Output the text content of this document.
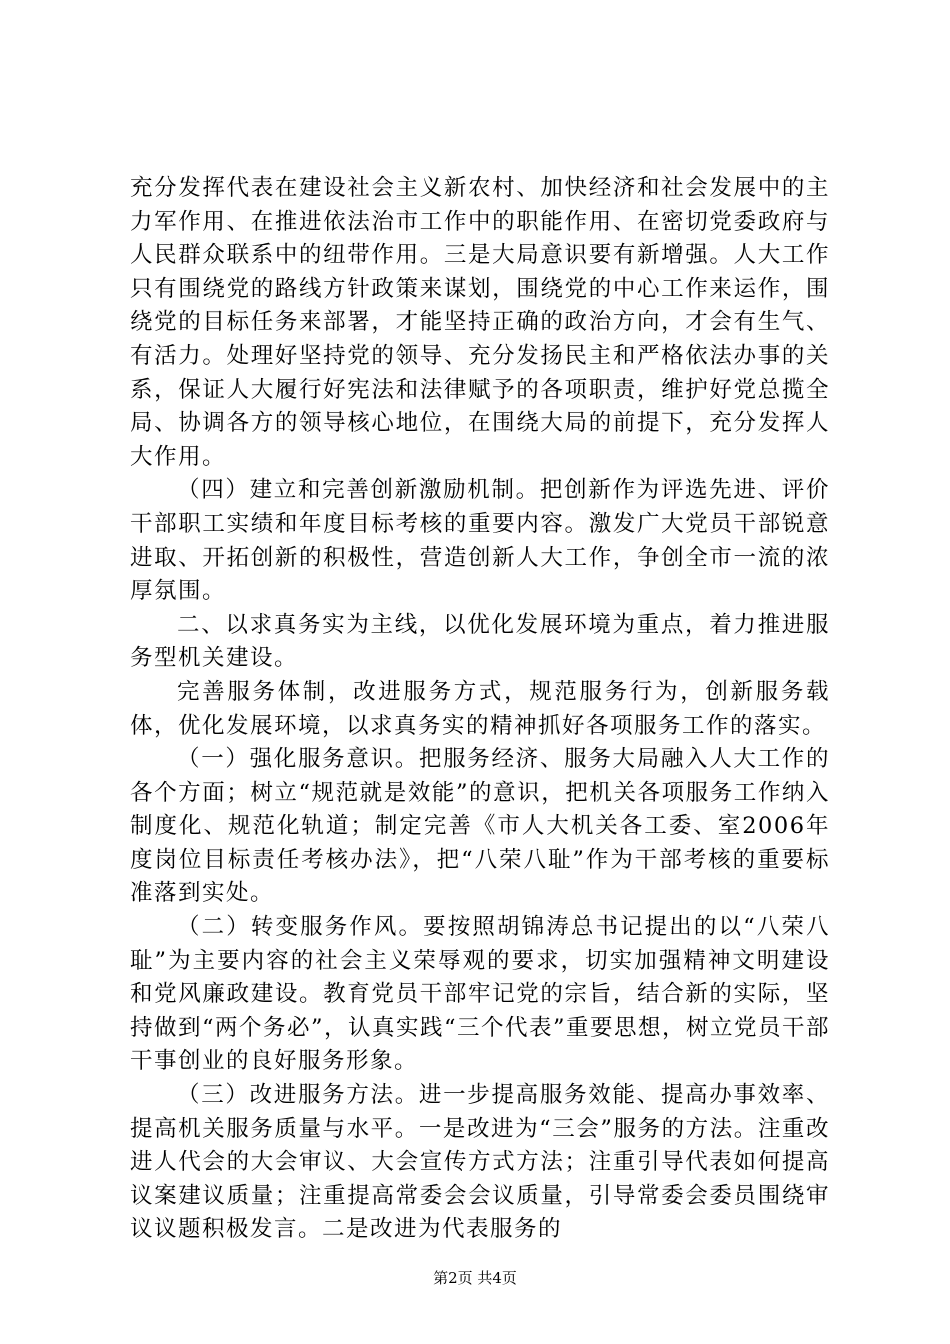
充分发挥代表在建设社会主义新农村、加快经济和社会发展中的主力军作用、在推进依法治市工作中的职能作用、在密切党委政府与人民群众联系中的纽带作用。三是大局意识要有新增强。人大工作只有围绕党的路线方针政策来谋划，围绕党的中心工作来运作，围绕党的目标任务来部署，才能坚持正确的政治方向，才会有生气、有活力。处理好坚持党的领导、充分发扬民主和严格依法办事的关系，保证人大履行好宪法和法律赋予的各项职责，维护好党总揽全局、协调各方的领导核心地位，在围绕大局的前提下，充分发挥人大作用。

（四）建立和完善创新激励机制。把创新作为评选先进、评价干部职工实绩和年度目标考核的重要内容。激发广大党员干部锐意进取、开拓创新的积极性，营造创新人大工作，争创全市一流的浓厚氛围。

二、以求真务实为主线，以优化发展环境为重点，着力推进服务型机关建设。

完善服务体制，改进服务方式，规范服务行为，创新服务载体，优化发展环境，以求真务实的精神抓好各项服务工作的落实。

（一）强化服务意识。把服务经济、服务大局融入人大工作的各个方面；树立“规范就是效能”的意识，把机关各项服务工作纳入制度化、规范化轨道；制定完善《市人大机关各工委、室2006年度岗位目标责任考核办法》，把“八荣八耻”作为干部考核的重要标准落到实处。

（二）转变服务作风。要按照胡锦涛总书记提出的以“八荣八耻”为主要内容的社会主义荣辱观的要求，切实加强精神文明建设和党风廉政建设。教育党员干部牢记党的宗旨，结合新的实际，坚持做到“两个务必”，认真实践“三个代表”重要思想，树立党员干部干事创业的良好服务形象。

（三）改进服务方法。进一步提高服务效能、提高办事效率、提高机关服务质量与水平。一是改进为“三会”服务的方法。注重改进人代会的大会审议、大会宣传方式方法；注重引导代表如何提高议案建议质量；注重提高常委会会议质量，引导常委会委员围绕审议议题积极发言。二是改进为代表服务的

第2页 共4页
